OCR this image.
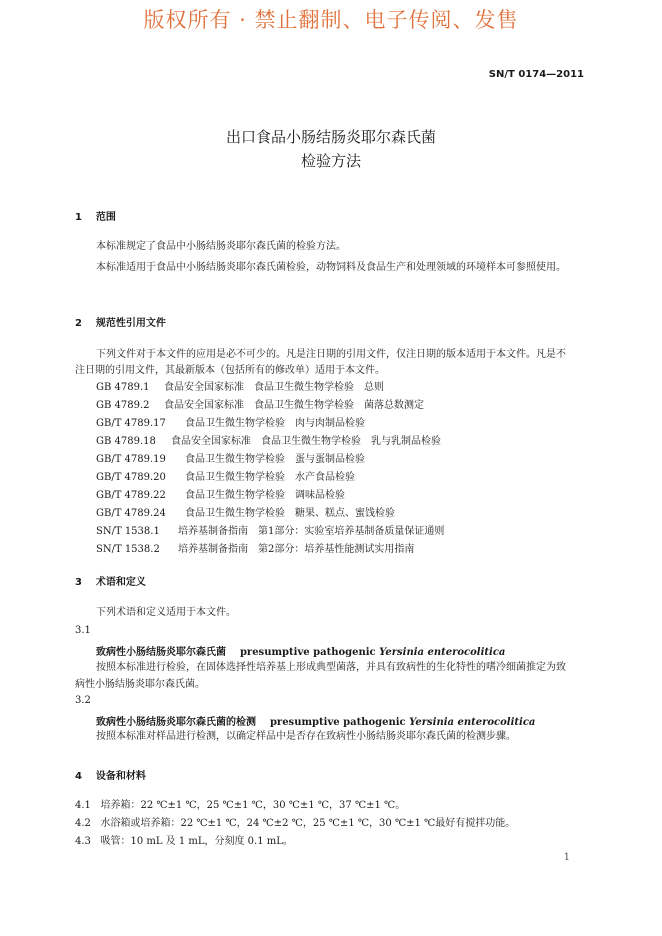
版权所有 · 禁止翻制、电子传阅、发售
SN/T 0174—2011
出口食品小肠结肠炎耶尔森氏菌
检验方法
1 范围
本标准规定了食品中小肠结肠炎耶尔森氏菌的检验方法。
本标准适用于食品中小肠结肠炎耶尔森氏菌检验，动物饲料及食品生产和处理领域的环境样本可参照使用。
2 规范性引用文件
下列文件对于本文件的应用是必不可少的。凡是注日期的引用文件，仅注日期的版本适用于本文件。凡是不注日期的引用文件，其最新版本（包括所有的修改单）适用于本文件。
GB 4789.1 食品安全国家标准　食品卫生微生物学检验　总则
GB 4789.2 食品安全国家标准　食品卫生微生物学检验　菌落总数测定
GB/T 4789.17 食品卫生微生物学检验　肉与肉制品检验
GB 4789.18 食品安全国家标准　食品卫生微生物学检验　乳与乳制品检验
GB/T 4789.19 食品卫生微生物学检验　蛋与蛋制品检验
GB/T 4789.20 食品卫生微生物学检验　水产食品检验
GB/T 4789.22 食品卫生微生物学检验　调味品检验
GB/T 4789.24 食品卫生微生物学检验　糖果、糕点、蜜饯检验
SN/T 1538.1 培养基制备指南　第1部分：实验室培养基制备质量保证通则
SN/T 1538.2 培养基制备指南　第2部分：培养基性能测试实用指南
3 术语和定义
下列术语和定义适用于本文件。
3.1
致病性小肠结肠炎耶尔森氏菌 presumptive pathogenic Yersinia enterocolitica
按照本标准进行检验，在固体选择性培养基上形成典型菌落，并具有致病性的生化特性的嗜冷细菌推定为致病性小肠结肠炎耶尔森氏菌。
3.2
致病性小肠结肠炎耶尔森氏菌的检测 presumptive pathogenic Yersinia enterocolitica
按照本标准对样品进行检测，以确定样品中是否存在致病性小肠结肠炎耶尔森氏菌的检测步骤。
4 设备和材料
4.1 培养箱：22 ℃±1 ℃，25 ℃±1 ℃，30 ℃±1 ℃，37 ℃±1 ℃。
4.2 水浴箱或培养箱：22 ℃±1 ℃，24 ℃±2 ℃，25 ℃±1 ℃，30 ℃±1 ℃最好有搅拌功能。
4.3 吸管：10 mL 及 1 mL，分刻度 0.1 mL。
1
